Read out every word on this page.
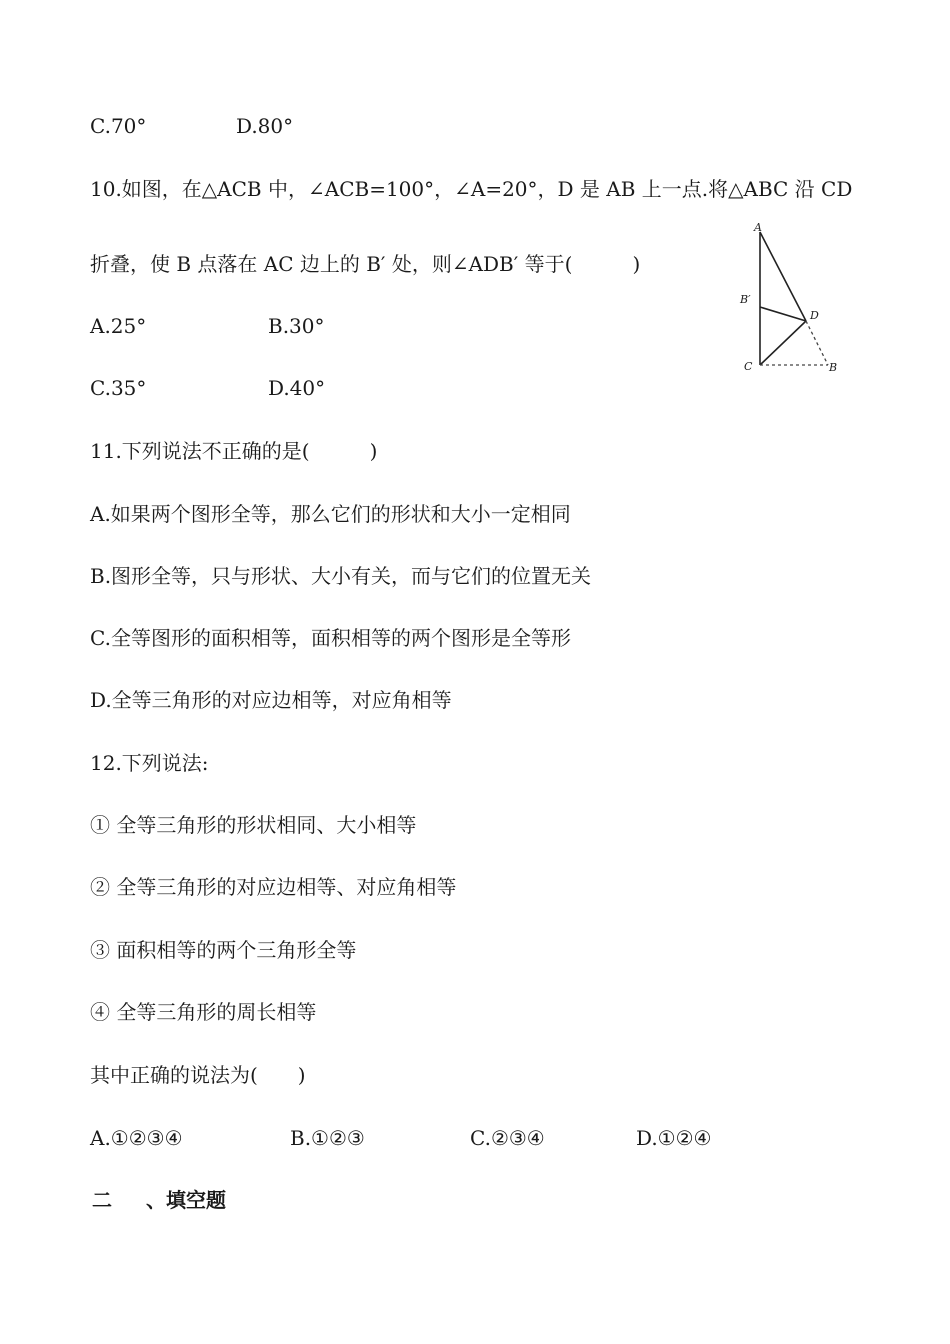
C.70°	D.80°
10.如图，在△ACB 中，∠ACB=100°，∠A=20°，D 是 AB 上一点.将△ABC 沿 CD
折叠，使 B 点落在 AC 边上的 B′ 处，则∠ADB′ 等于(　　　)
A.25°	B.30°
C.35°	D.40°
A
B′
D
C	B
11.下列说法不正确的是(　　　)
A.如果两个图形全等，那么它们的形状和大小一定相同
B.图形全等，只与形状、大小有关，而与它们的位置无关
C.全等图形的面积相等，面积相等的两个图形是全等形
D.全等三角形的对应边相等，对应角相等
12.下列说法:
① 全等三角形的形状相同、大小相等
② 全等三角形的对应边相等、对应角相等
③ 面积相等的两个三角形全等
④ 全等三角形的周长相等
其中正确的说法为(　　)
A.①②③④	B.①②③	C.②③④	D.①②④
二 、填空题
